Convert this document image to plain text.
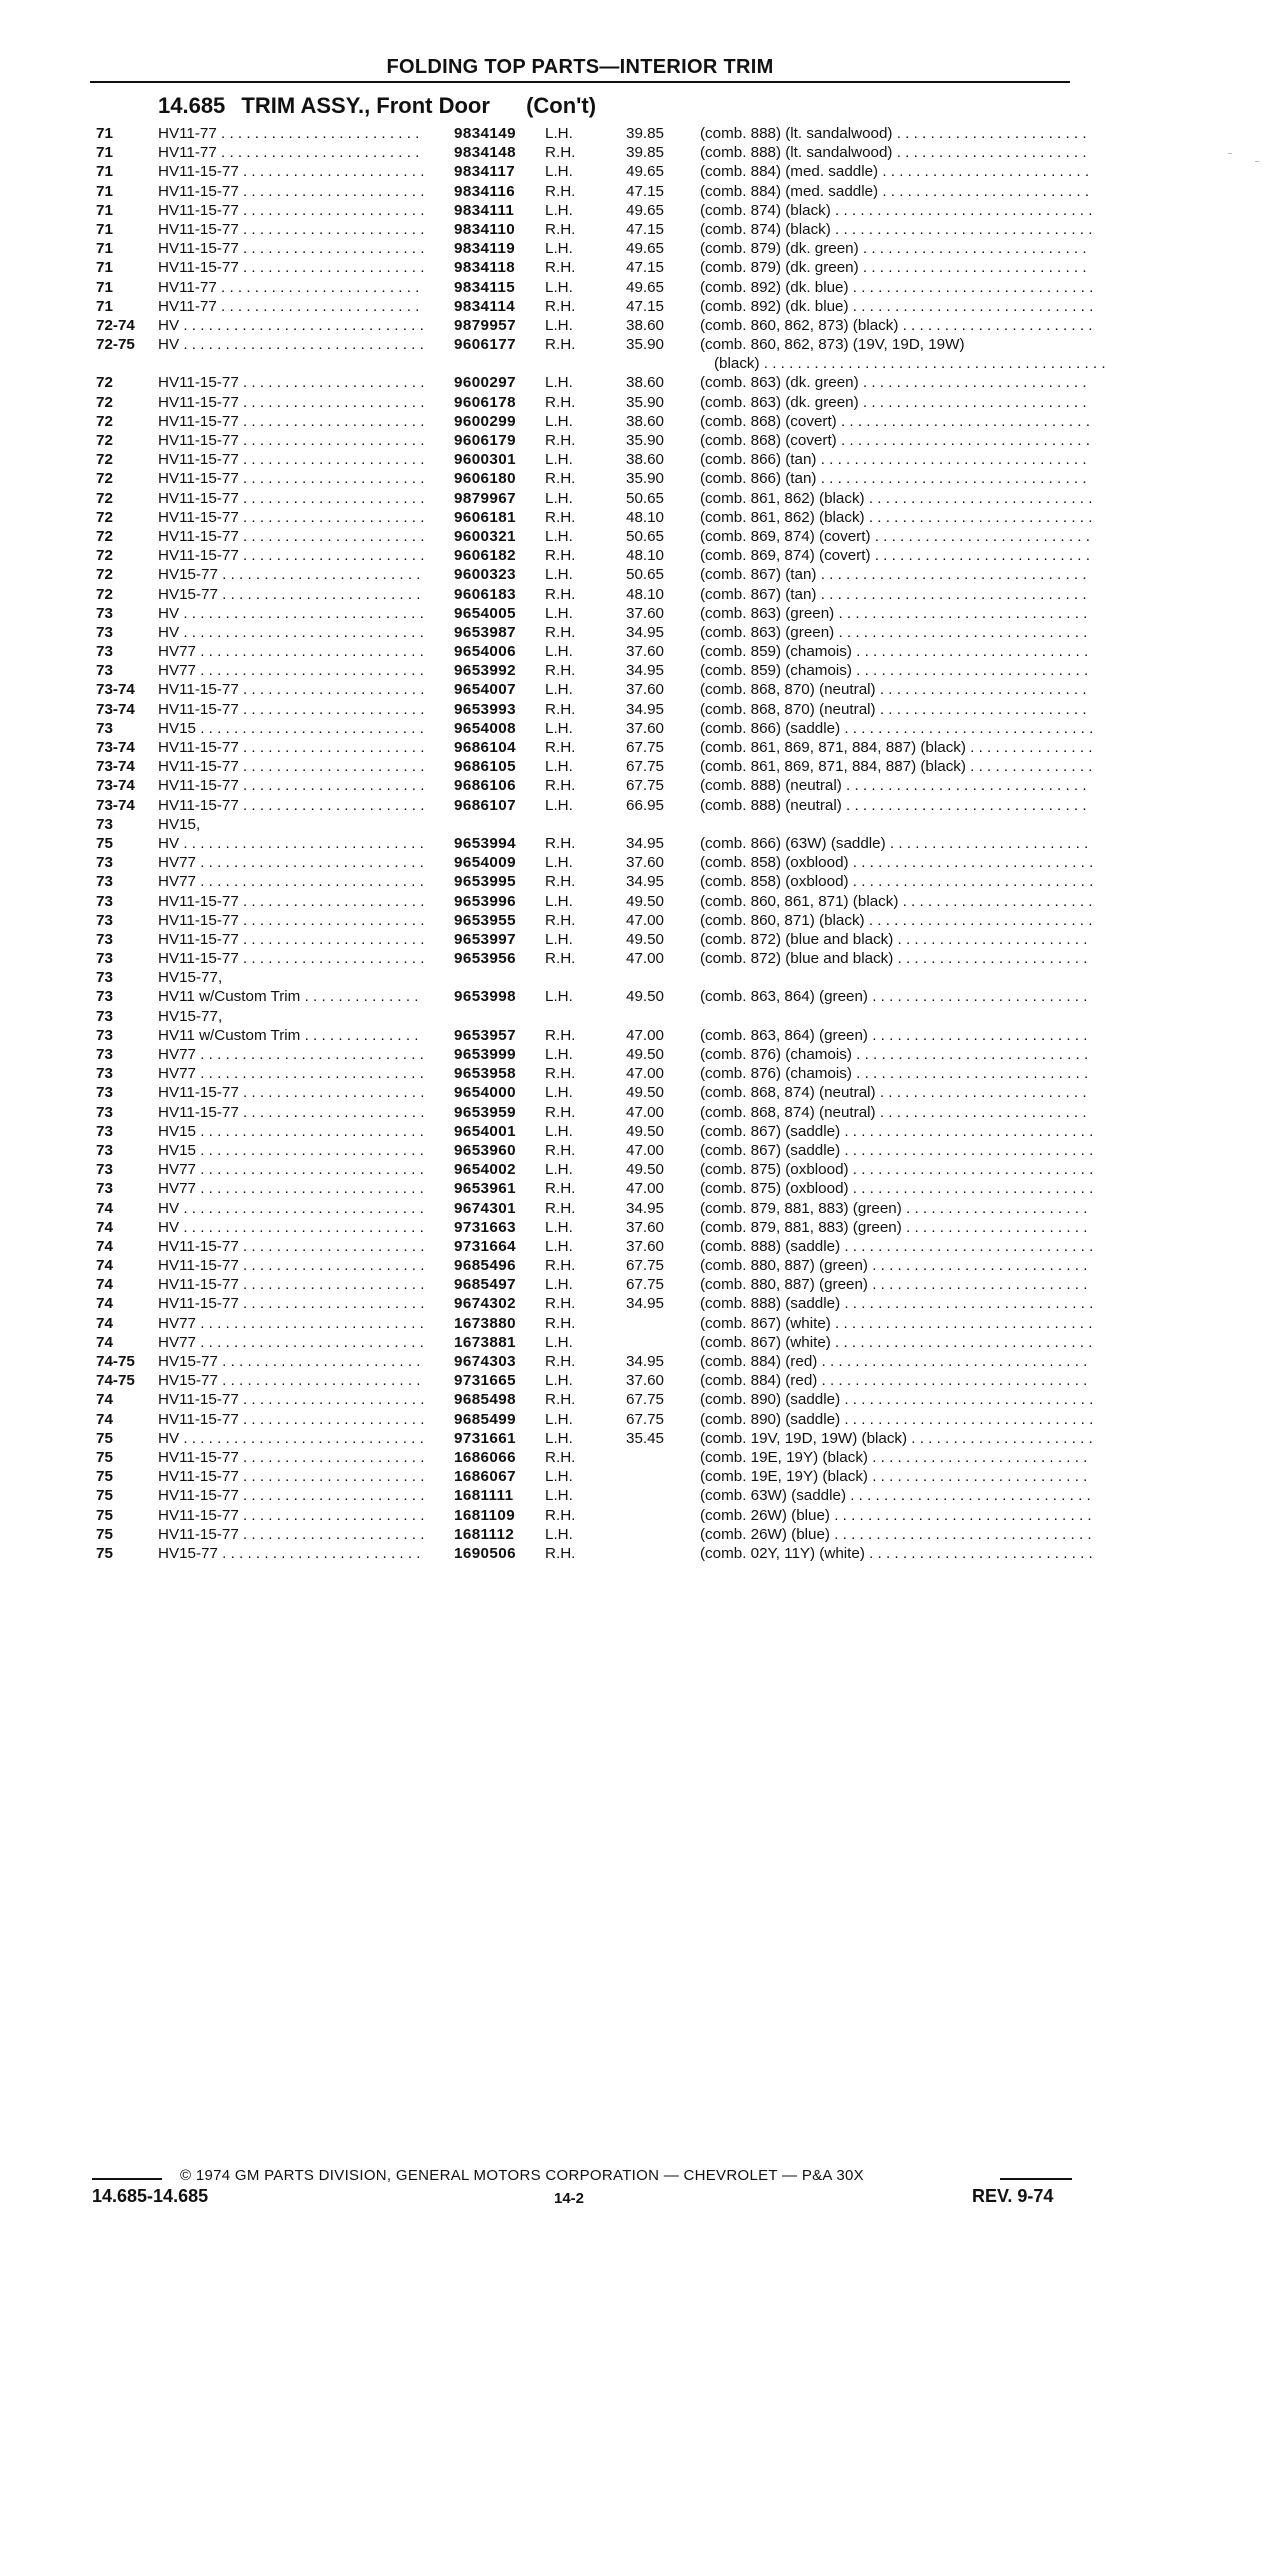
FOLDING TOP PARTS—INTERIOR TRIM
14.685 TRIM ASSY., Front Door (Con't)
71	HV11-77 . . .	9834149 L.H.	39.85 (comb. 888) (lt. sandalwood) . . .
71	HV11-77 . . .	9834148 R.H.	39.85 (comb. 888) (lt. sandalwood) . . .
71	HV11-15-77 . . .	9834117 L.H.	49.65 (comb. 884) (med. saddle) . . .
71	HV11-15-77 . . .	9834116 R.H.	47.15 (comb. 884) (med. saddle) . . .
71	HV11-15-77 . . .	9834111 L.H.	49.65 (comb. 874) (black) . . .
71	HV11-15-77 . . .	9834110 R.H.	47.15 (comb. 874) (black) . . .
71	HV11-15-77 . . .	9834119 L.H.	49.65 (comb. 879) (dk. green) . . .
71	HV11-15-77 . . .	9834118 R.H.	47.15 (comb. 879) (dk. green) . . .
71	HV11-77 . . .	9834115 L.H.	49.65 (comb. 892) (dk. blue) . . .
71	HV11-77 . . .	9834114 R.H.	47.15 (comb. 892) (dk. blue) . . .
72-74 HV . . .	9879957 L.H.	38.60 (comb. 860, 862, 873) (black) . . .
72-75 HV . . .	9606177 R.H.	35.90 (comb. 860, 862, 873) (19V, 19D, 19W)
(black) . . .
72	HV11-15-77 . . .	9600297 L.H.	38.60 (comb. 863) (dk. green) . . .
72	HV11-15-77 . . .	9606178 R.H.	35.90 (comb. 863) (dk. green) . . .
72	HV11-15-77 . . .	9600299 L.H.	38.60 (comb. 868) (covert) . . .
72	HV11-15-77 . . .	9606179 R.H.	35.90 (comb. 868) (covert) . . .
72	HV11-15-77 . . .	9600301 L.H.	38.60 (comb. 866) (tan) . . .
72	HV11-15-77 . . .	9606180 R.H.	35.90 (comb. 866) (tan) . . .
72	HV11-15-77 . . .	9879967 L.H.	50.65 (comb. 861, 862) (black) . . .
72	HV11-15-77 . . .	9606181 R.H.	48.10 (comb. 861, 862) (black) . . .
72	HV11-15-77 . . .	9600321 L.H.	50.65 (comb. 869, 874) (covert) . . .
72	HV11-15-77 . . .	9606182 R.H.	48.10 (comb. 869, 874) (covert) . . .
72	HV15-77 . . .	9600323 L.H.	50.65 (comb. 867) (tan) . . .
72	HV15-77 . . .	9606183 R.H.	48.10 (comb. 867) (tan) . . .
73	HV . . .	9654005 L.H.	37.60 (comb. 863) (green) . . .
73	HV . . .	9653987 R.H.	34.95 (comb. 863) (green) . . .
73	HV77 . . .	9654006 L.H.	37.60 (comb. 859) (chamois) . . .
73	HV77 . . .	9653992 R.H.	34.95 (comb. 859) (chamois) . . .
73-74 HV11-15-77 . . .	9654007 L.H.	37.60 (comb. 868, 870) (neutral) . . .
73-74 HV11-15-77 . . .	9653993 R.H.	34.95 (comb. 868, 870) (neutral) . . .
73	HV15 . . .	9654008 L.H.	37.60 (comb. 866) (saddle) . . .
73-74 HV11-15-77 . . .	9686104 R.H.	67.75 (comb. 861, 869, 871, 884, 887) (black) . . .
73-74 HV11-15-77 . . .	9686105 L.H.	67.75 (comb. 861, 869, 871, 884, 887) (black) . . .
73-74 HV11-15-77 . . .	9686106 R.H.	67.75 (comb. 888) (neutral) . . .
73-74 HV11-15-77 . . .	9686107 L.H.	66.95 (comb. 888) (neutral) . . .
73	HV15,
75	HV . . .	9653994 R.H.	34.95 (comb. 866) (63W) (saddle) . . .
73	HV77 . . .	9654009 L.H.	37.60 (comb. 858) (oxblood) . . .
73	HV77 . . .	9653995 R.H.	34.95 (comb. 858) (oxblood) . . .
73	HV11-15-77 . . .	9653996 L.H.	49.50 (comb. 860, 861, 871) (black) . . .
73	HV11-15-77 . . .	9653955 R.H.	47.00 (comb. 860, 871) (black) . . .
73	HV11-15-77 . . .	9653997 L.H.	49.50 (comb. 872) (blue and black) . . .
73	HV11-15-77 . . .	9653956 R.H.	47.00 (comb. 872) (blue and black) . . .
73	HV15-77,
73	HV11 w/Custom Trim . . .	9653998 L.H.	49.50 (comb. 863, 864) (green) . . .
73	HV15-77,
73	HV11 w/Custom Trim . . .	9653957 R.H.	47.00 (comb. 863, 864) (green) . . .
73	HV77 . . .	9653999 L.H.	49.50 (comb. 876) (chamois) . . .
73	HV77 . . .	9653958 R.H.	47.00 (comb. 876) (chamois) . . .
73	HV11-15-77 . . .	9654000 L.H.	49.50 (comb. 868, 874) (neutral) . . .
73	HV11-15-77 . . .	9653959 R.H.	47.00 (comb. 868, 874) (neutral) . . .
73	HV15 . . .	9654001 L.H.	49.50 (comb. 867) (saddle) . . .
73	HV15 . . .	9653960 R.H.	47.00 (comb. 867) (saddle) . . .
73	HV77 . . .	9654002 L.H.	49.50 (comb. 875) (oxblood) . . .
73	HV77 . . .	9653961 R.H.	47.00 (comb. 875) (oxblood) . . .
74	HV . . .	9674301 R.H.	34.95 (comb. 879, 881, 883) (green) . . .
74	HV . . .	9731663 L.H.	37.60 (comb. 879, 881, 883) (green) . . .
74	HV11-15-77 . . .	9731664 L.H.	37.60 (comb. 888) (saddle) . . .
74	HV11-15-77 . . .	9685496 R.H.	67.75 (comb. 880, 887) (green) . . .
74	HV11-15-77 . . .	9685497 L.H.	67.75 (comb. 880, 887) (green) . . .
74	HV11-15-77 . . .	9674302 R.H.	34.95 (comb. 888) (saddle) . . .
74	HV77 . . .	1673880 R.H.	(comb. 867) (white) . . .
74	HV77 . . .	1673881 L.H.	(comb. 867) (white) . . .
74-75 HV15-77 . . .	9674303 R.H.	34.95 (comb. 884) (red) . . .
74-75 HV15-77 . . .	9731665 L.H.	37.60 (comb. 884) (red) . . .
74	HV11-15-77 . . .	9685498 R.H.	67.75 (comb. 890) (saddle) . . .
74	HV11-15-77 . . .	9685499 L.H.	67.75 (comb. 890) (saddle) . . .
75	HV . . .	9731661 L.H.	35.45 (comb. 19V, 19D, 19W) (black) . . .
75	HV11-15-77 . . .	1686066 R.H.	(comb. 19E, 19Y) (black) . . .
75	HV11-15-77 . . .	1686067 L.H.	(comb. 19E, 19Y) (black) . . .
75	HV11-15-77 . . .	1681111 L.H.	(comb. 63W) (saddle) . . .
75	HV11-15-77 . . .	1681109 R.H.	(comb. 26W) (blue) . . .
75	HV11-15-77 . . .	1681112 L.H.	(comb. 26W) (blue) . . .
75	HV15-77 . . .	1690506 R.H.	(comb. 02Y, 11Y) (white) . . .
© 1974 GM PARTS DIVISION, GENERAL MOTORS CORPORATION — CHEVROLET — P&A 30X
14.685-14.685	14-2	REV. 9-74
